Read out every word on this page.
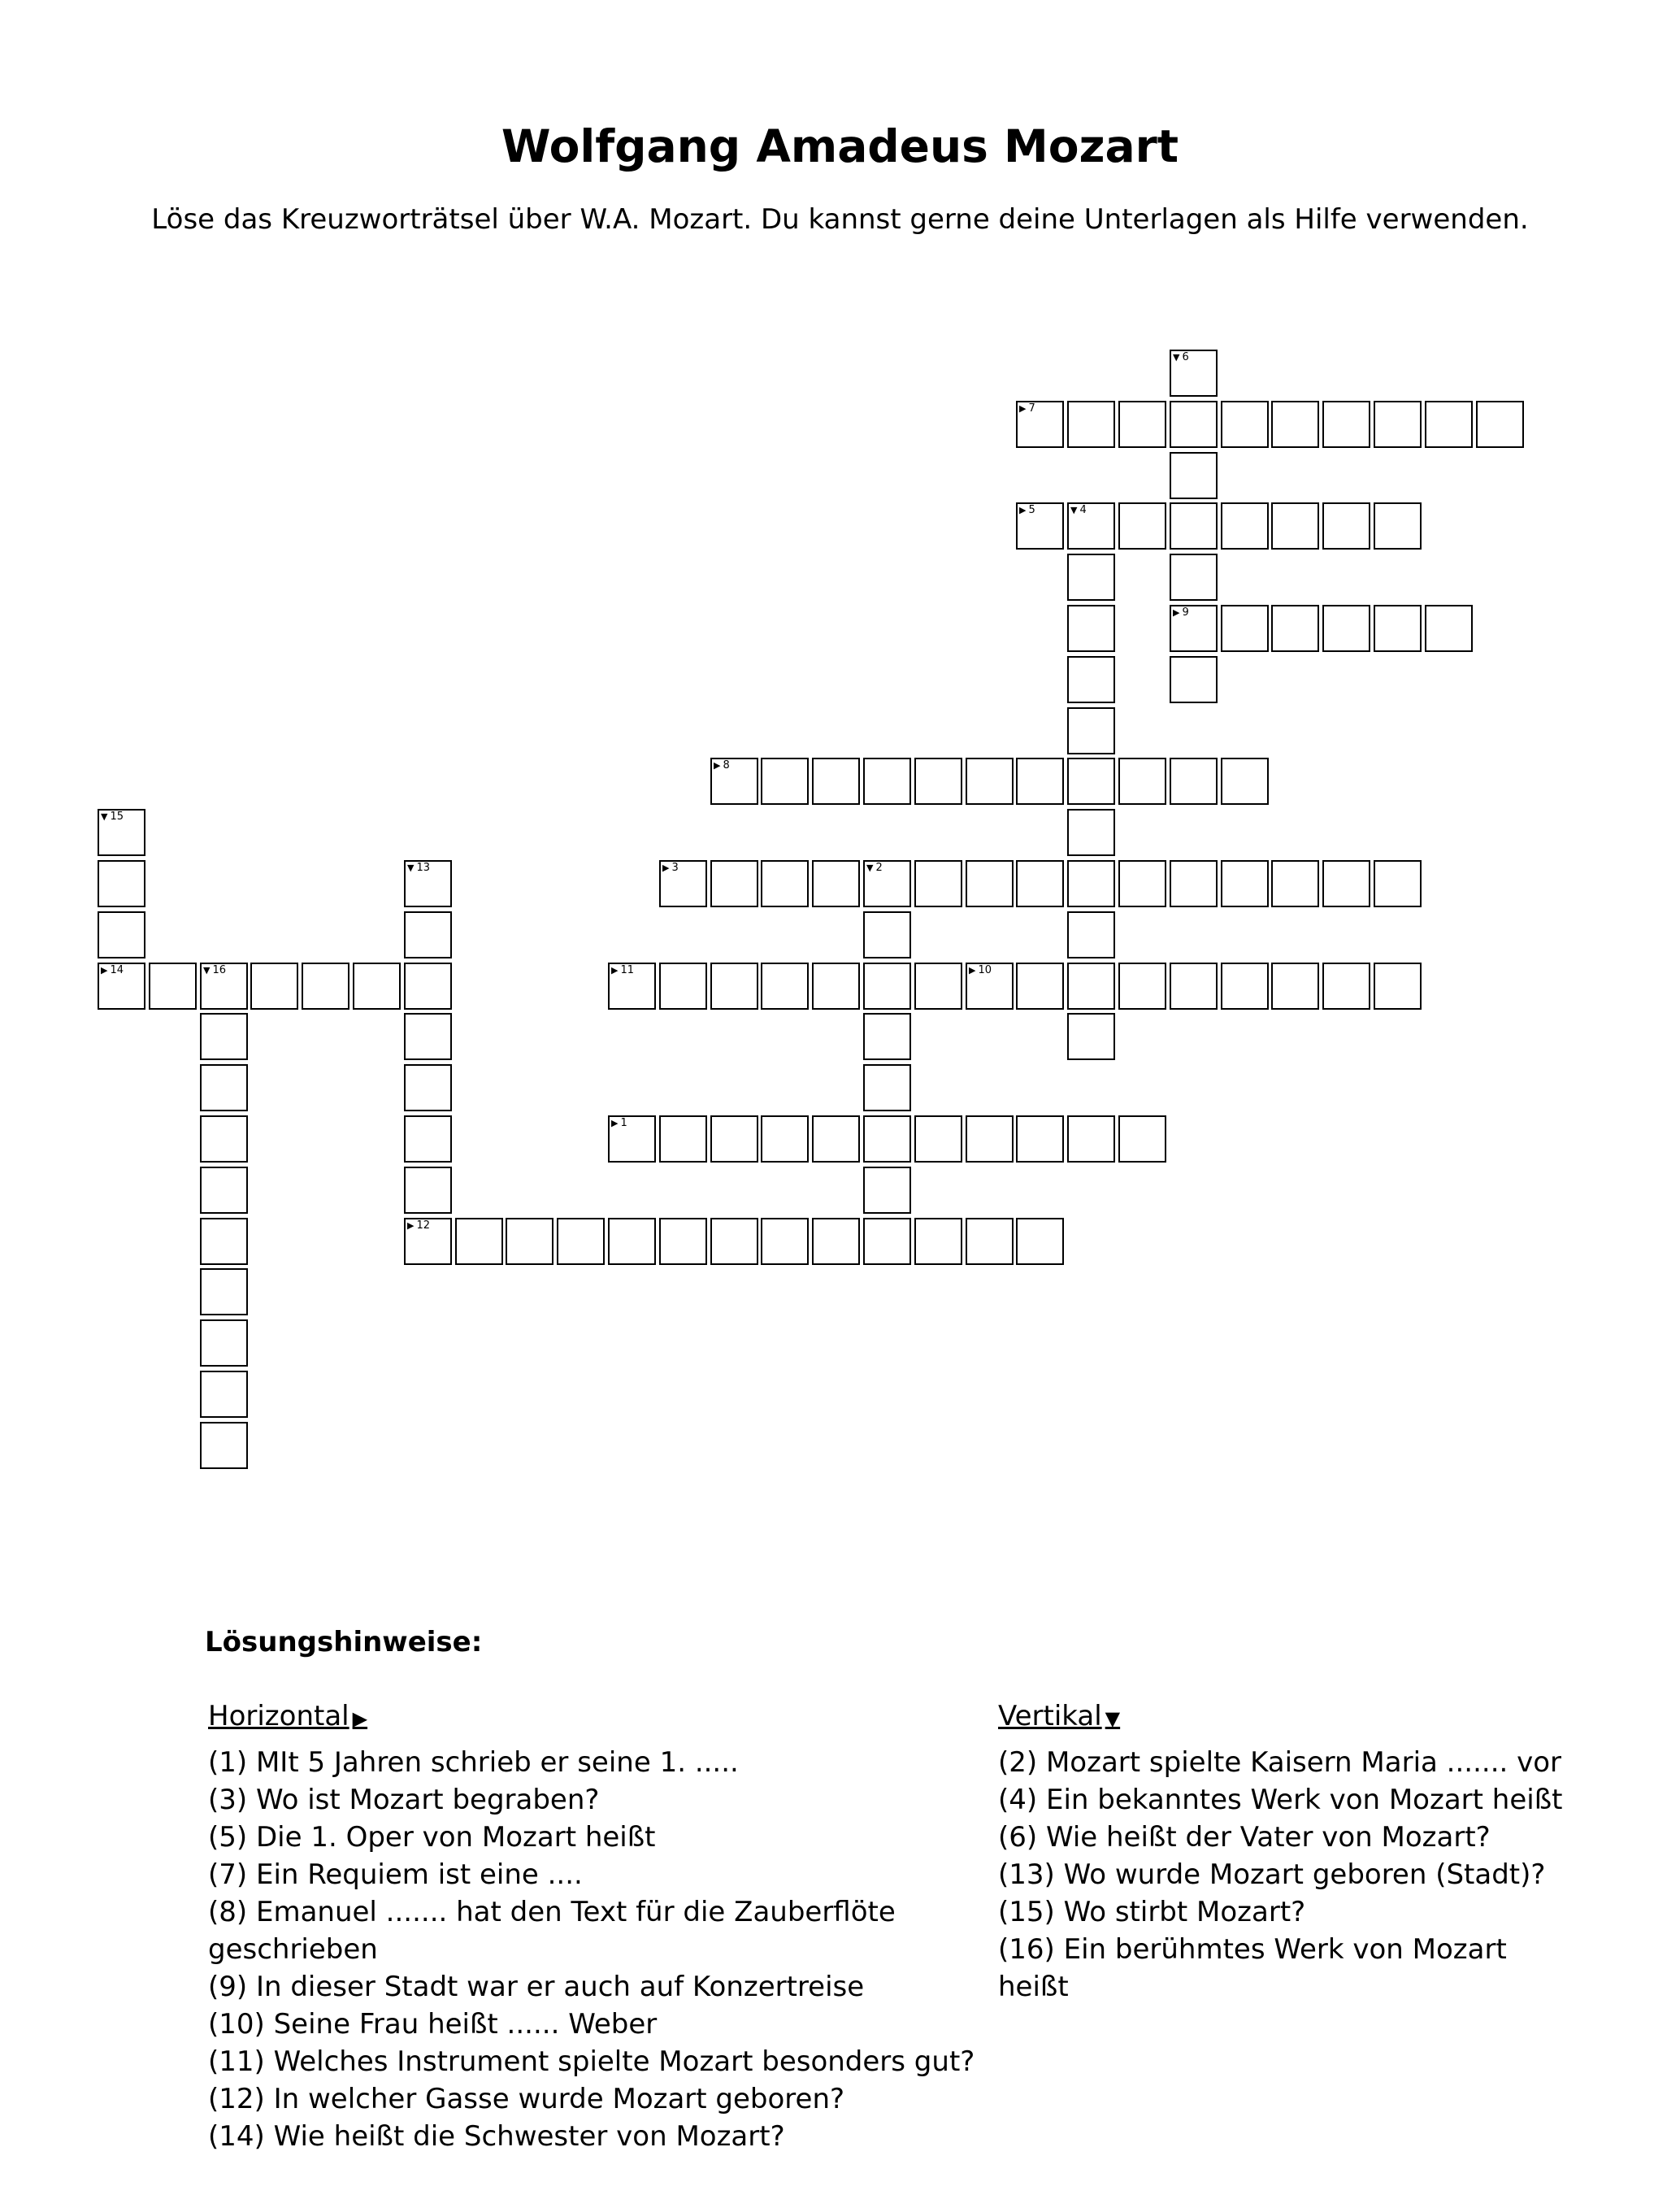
Wolfgang Amadeus Mozart
Löse das Kreuzworträtsel über W.A. Mozart. Du kannst gerne deine Unterlagen als Hilfe verwenden.
▶ 1
▼ 2
▶ 3
▼ 4
▶ 5
▼ 6
▶ 9
▶ 7
▶ 8
▶ 10
▶ 11
▶ 12
▼ 13
▶ 14	▼ 16
▼ 15
Lösungshinweise:
Horizontal ▶

(1) MIt 5 Jahren schrieb er seine 1. .....

(3) Wo ist Mozart begraben?

(5) Die 1. Oper von Mozart heißt

(7) Ein Requiem ist eine ....

(8) Emanuel ....... hat den Text für die Zauberflöte geschrieben

(9) In dieser Stadt war er auch auf Konzertreise

(10) Seine Frau heißt ...... Weber

(11) Welches Instrument spielte Mozart besonders gut?

(12) In welcher Gasse wurde Mozart geboren?

(14) Wie heißt die Schwester von Mozart?

Vertikal ▼

(2) Mozart spielte Kaisern Maria ....... vor

(4) Ein bekanntes Werk von Mozart heißt

(6) Wie heißt der Vater von Mozart?

(13) Wo wurde Mozart geboren (Stadt)?

(15) Wo stirbt Mozart?

(16) Ein berühmtes Werk von Mozart heißt
